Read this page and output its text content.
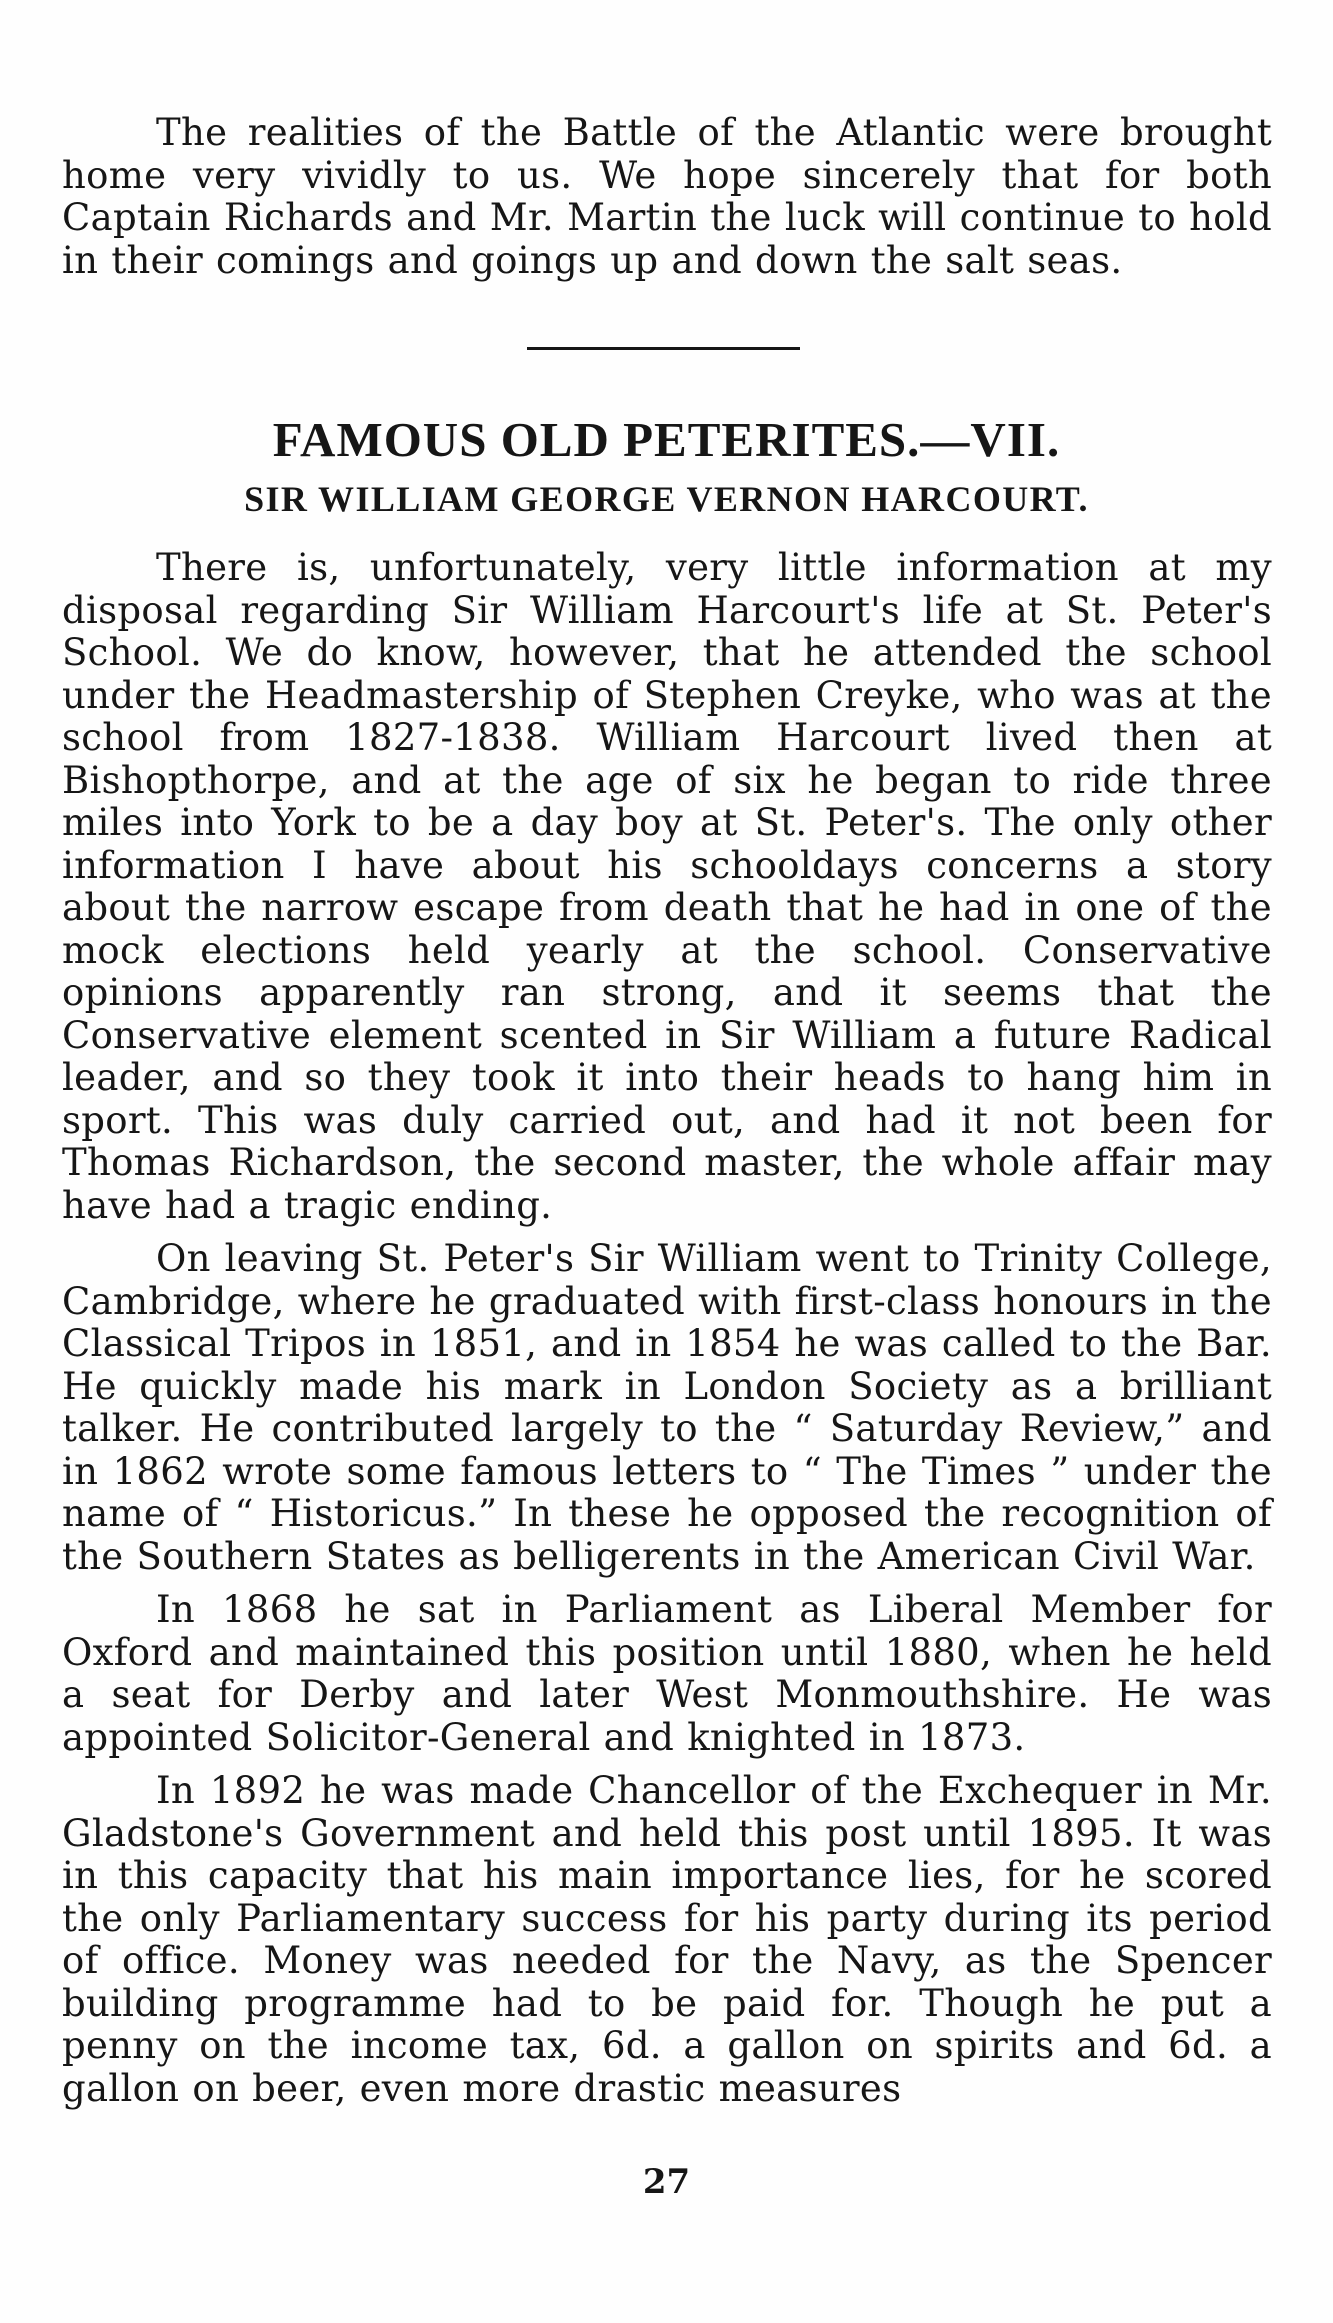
The realities of the Battle of the Atlantic were brought home very vividly to us. We hope sincerely that for both Captain Richards and Mr. Martin the luck will continue to hold in their comings and goings up and down the salt seas.

FAMOUS OLD PETERITES.—VII.
SIR WILLIAM GEORGE VERNON HARCOURT.

There is, unfortunately, very little information at my disposal regarding Sir William Harcourt's life at St. Peter's School. We do know, however, that he attended the school under the Headmastership of Stephen Creyke, who was at the school from 1827-1838. William Harcourt lived then at Bishopthorpe, and at the age of six he began to ride three miles into York to be a day boy at St. Peter's. The only other information I have about his schooldays concerns a story about the narrow escape from death that he had in one of the mock elections held yearly at the school. Conservative opinions apparently ran strong, and it seems that the Conservative element scented in Sir William a future Radical leader, and so they took it into their heads to hang him in sport. This was duly carried out, and had it not been for Thomas Richardson, the second master, the whole affair may have had a tragic ending.

On leaving St. Peter's Sir William went to Trinity College, Cambridge, where he graduated with first-class honours in the Classical Tripos in 1851, and in 1854 he was called to the Bar. He quickly made his mark in London Society as a brilliant talker. He contributed largely to the “ Saturday Review,” and in 1862 wrote some famous letters to “ The Times ” under the name of “ Historicus.” In these he opposed the recognition of the Southern States as belligerents in the American Civil War.

In 1868 he sat in Parliament as Liberal Member for Oxford and maintained this position until 1880, when he held a seat for Derby and later West Monmouthshire. He was appointed Solicitor-General and knighted in 1873.

In 1892 he was made Chancellor of the Exchequer in Mr. Gladstone's Government and held this post until 1895. It was in this capacity that his main importance lies, for he scored the only Parliamentary success for his party during its period of office. Money was needed for the Navy, as the Spencer building programme had to be paid for. Though he put a penny on the income tax, 6d. a gallon on spirits and 6d. a gallon on beer, even more drastic measures

27
